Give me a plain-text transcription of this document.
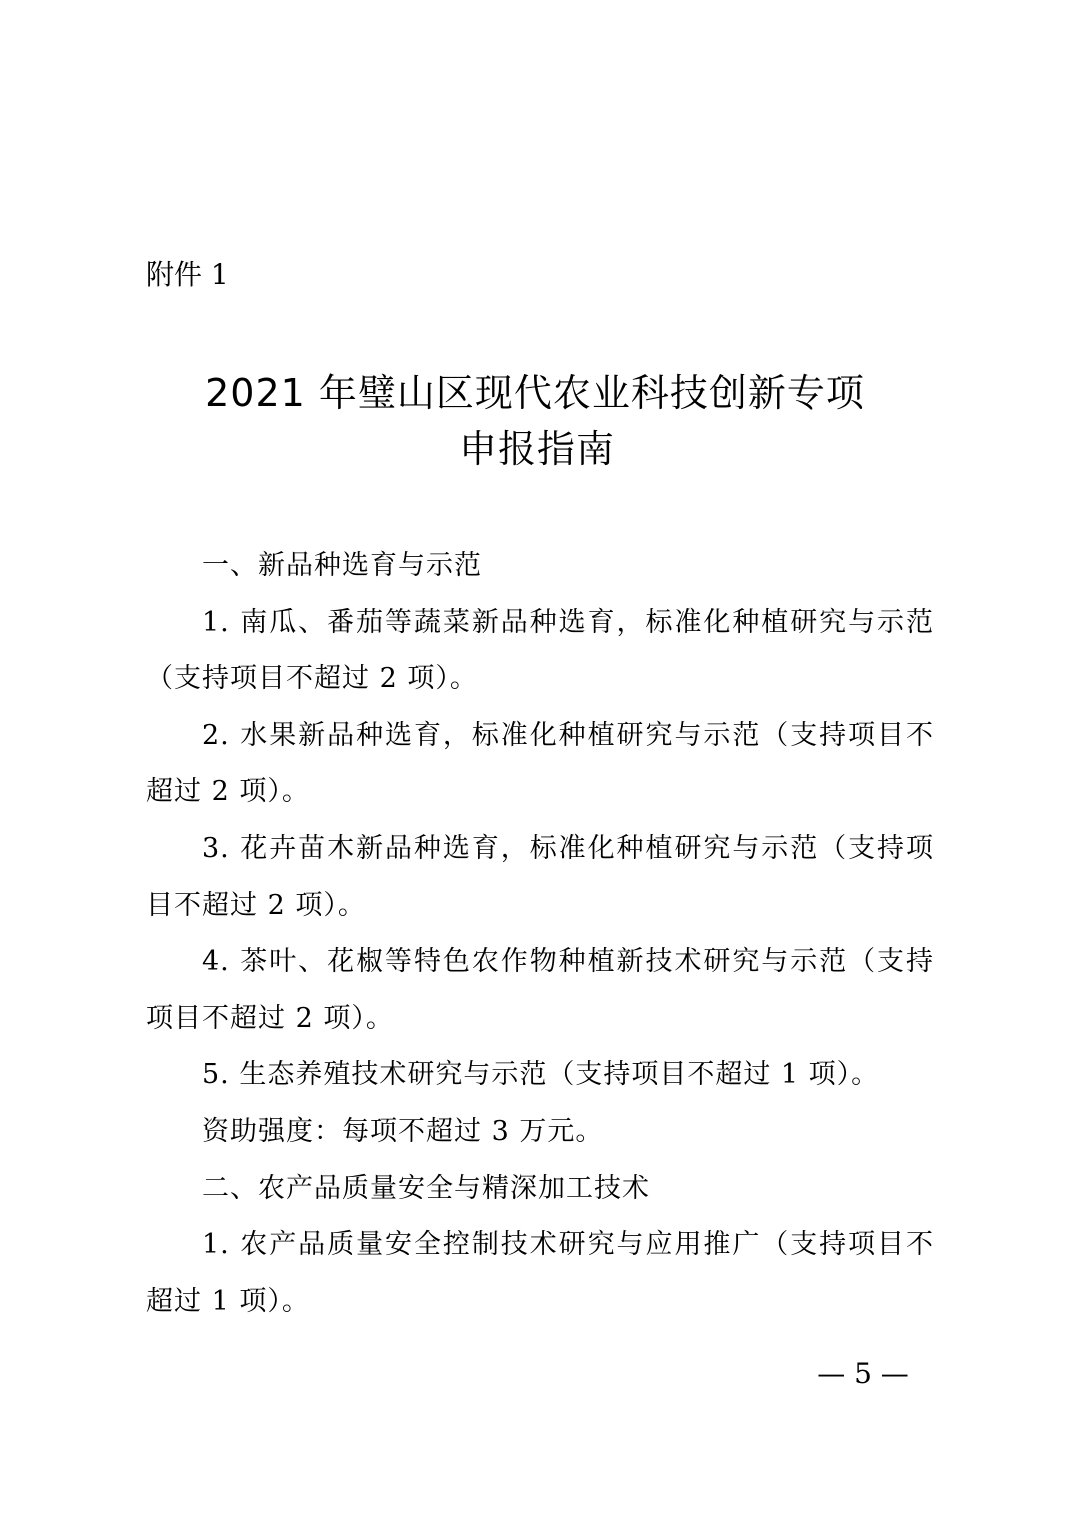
附件 1
2021 年璧山区现代农业科技创新专项
申报指南
一、新品种选育与示范
1. 南瓜、番茄等蔬菜新品种选育，标准化种植研究与示范
（支持项目不超过 2 项）。
2. 水果新品种选育，标准化种植研究与示范（支持项目不
超过 2 项）。
3. 花卉苗木新品种选育，标准化种植研究与示范（支持项
目不超过 2 项）。
4. 茶叶、花椒等特色农作物种植新技术研究与示范（支持
项目不超过 2 项）。
5. 生态养殖技术研究与示范（支持项目不超过 1 项）。
资助强度：每项不超过 3 万元。
二、农产品质量安全与精深加工技术
1. 农产品质量安全控制技术研究与应用推广（支持项目不
超过 1 项）。
— 5 —
